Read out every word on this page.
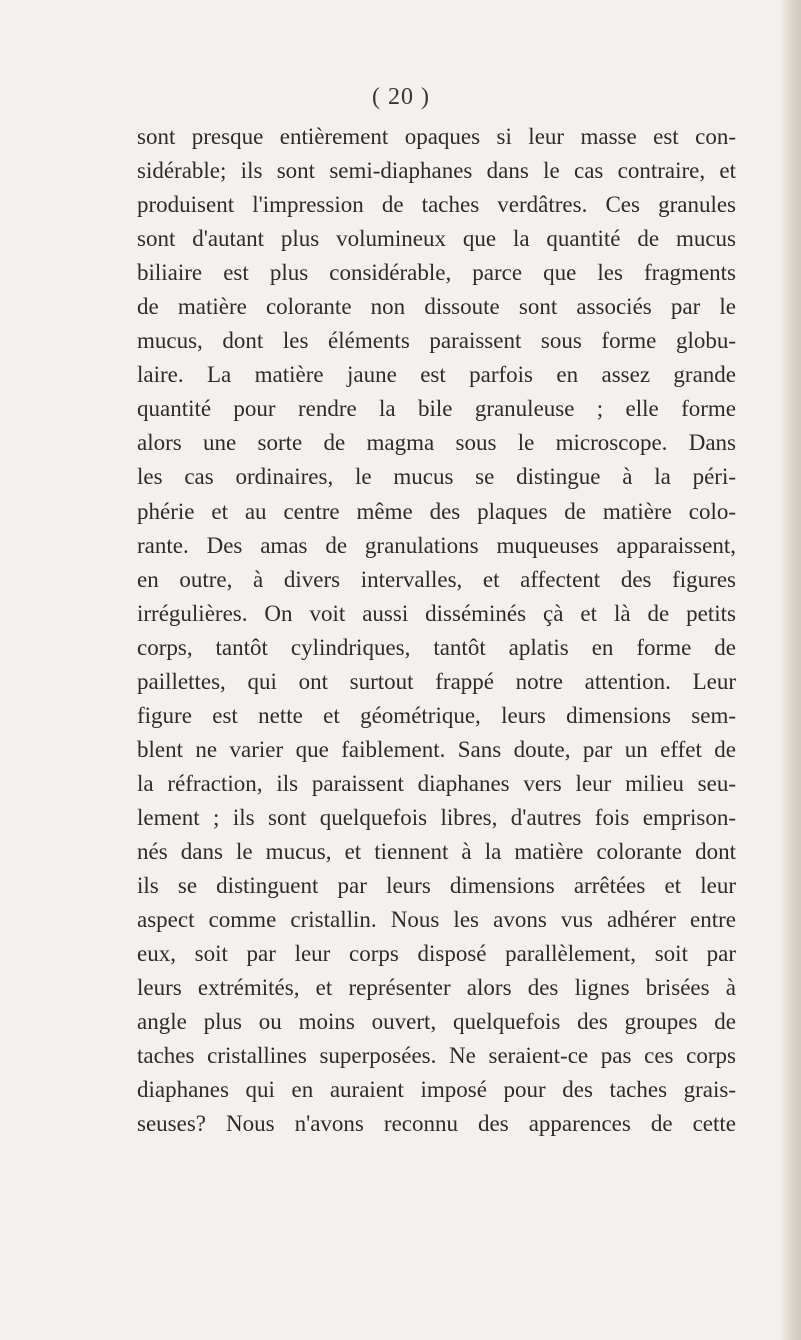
( 20 )
sont presque entièrement opaques si leur masse est con-
sidérable; ils sont semi-diaphanes dans le cas contraire, et
produisent l'impression de taches verdâtres. Ces granules
sont d'autant plus volumineux que la quantité de mucus
biliaire est plus considérable, parce que les fragments
de matière colorante non dissoute sont associés par le
mucus, dont les éléments paraissent sous forme globu-
laire. La matière jaune est parfois en assez grande
quantité pour rendre la bile granuleuse ; elle forme
alors une sorte de magma sous le microscope. Dans
les cas ordinaires, le mucus se distingue à la péri-
phérie et au centre même des plaques de matière colo-
rante. Des amas de granulations muqueuses apparaissent,
en outre, à divers intervalles, et affectent des figures
irrégulières. On voit aussi disséminés çà et là de petits
corps, tantôt cylindriques, tantôt aplatis en forme de
paillettes, qui ont surtout frappé notre attention. Leur
figure est nette et géométrique, leurs dimensions sem-
blent ne varier que faiblement. Sans doute, par un effet de
la réfraction, ils paraissent diaphanes vers leur milieu seu-
lement ; ils sont quelquefois libres, d'autres fois emprison-
nés dans le mucus, et tiennent à la matière colorante dont
ils se distinguent par leurs dimensions arrêtées et leur
aspect comme cristallin. Nous les avons vus adhérer entre
eux, soit par leur corps disposé parallèlement, soit par
leurs extrémités, et représenter alors des lignes brisées à
angle plus ou moins ouvert, quelquefois des groupes de
taches cristallines superposées. Ne seraient-ce pas ces corps
diaphanes qui en auraient imposé pour des taches grais-
seuses? Nous n'avons reconnu des apparences de cette
